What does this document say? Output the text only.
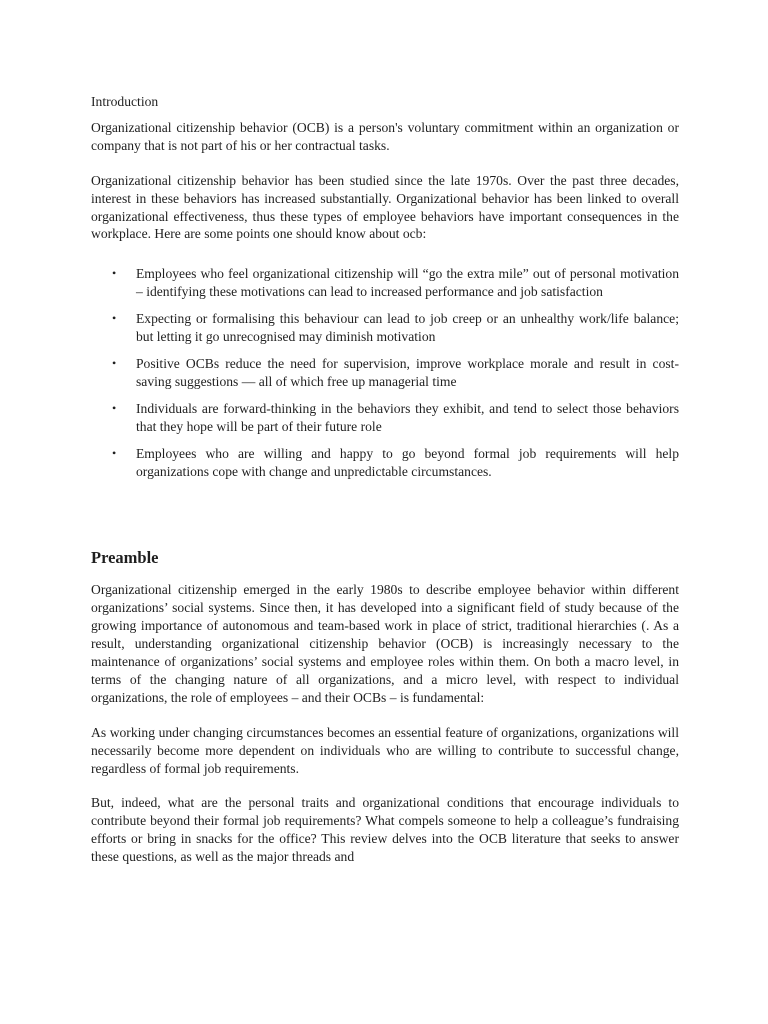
Introduction

Organizational citizenship behavior (OCB) is a person's voluntary commitment within an organization or company that is not part of his or her contractual tasks.

Organizational citizenship behavior has been studied since the late 1970s. Over the past three decades, interest in these behaviors has increased substantially. Organizational behavior has been linked to overall organizational effectiveness, thus these types of employee behaviors have important consequences in the workplace. Here are some points one should know about ocb:

• Employees who feel organizational citizenship will “go the extra mile” out of personal motivation – identifying these motivations can lead to increased performance and job satisfaction
• Expecting or formalising this behaviour can lead to job creep or an unhealthy work/life balance; but letting it go unrecognised may diminish motivation
• Positive OCBs reduce the need for supervision, improve workplace morale and result in cost- saving suggestions — all of which free up managerial time
• Individuals are forward-thinking in the behaviors they exhibit, and tend to select those behaviors that they hope will be part of their future role
• Employees who are willing and happy to go beyond formal job requirements will help organizations cope with change and unpredictable circumstances.
Preamble

Organizational citizenship emerged in the early 1980s to describe employee behavior within different organizations’ social systems. Since then, it has developed into a significant field of study because of the growing importance of autonomous and team-based work in place of strict, traditional hierarchies (. As a result, understanding organizational citizenship behavior (OCB) is increasingly necessary to the maintenance of organizations’ social systems and employee roles within them. On both a macro level, in terms of the changing nature of all organizations, and a micro level, with respect to individual organizations, the role of employees – and their OCBs – is fundamental:

As working under changing circumstances becomes an essential feature of organizations, organizations will necessarily become more dependent on individuals who are willing to contribute to successful change, regardless of formal job requirements.

But, indeed, what are the personal traits and organizational conditions that encourage individuals to contribute beyond their formal job requirements? What compels someone to help a colleague’s fundraising efforts or bring in snacks for the office? This review delves into the OCB literature that seeks to answer these questions, as well as the major threads and
